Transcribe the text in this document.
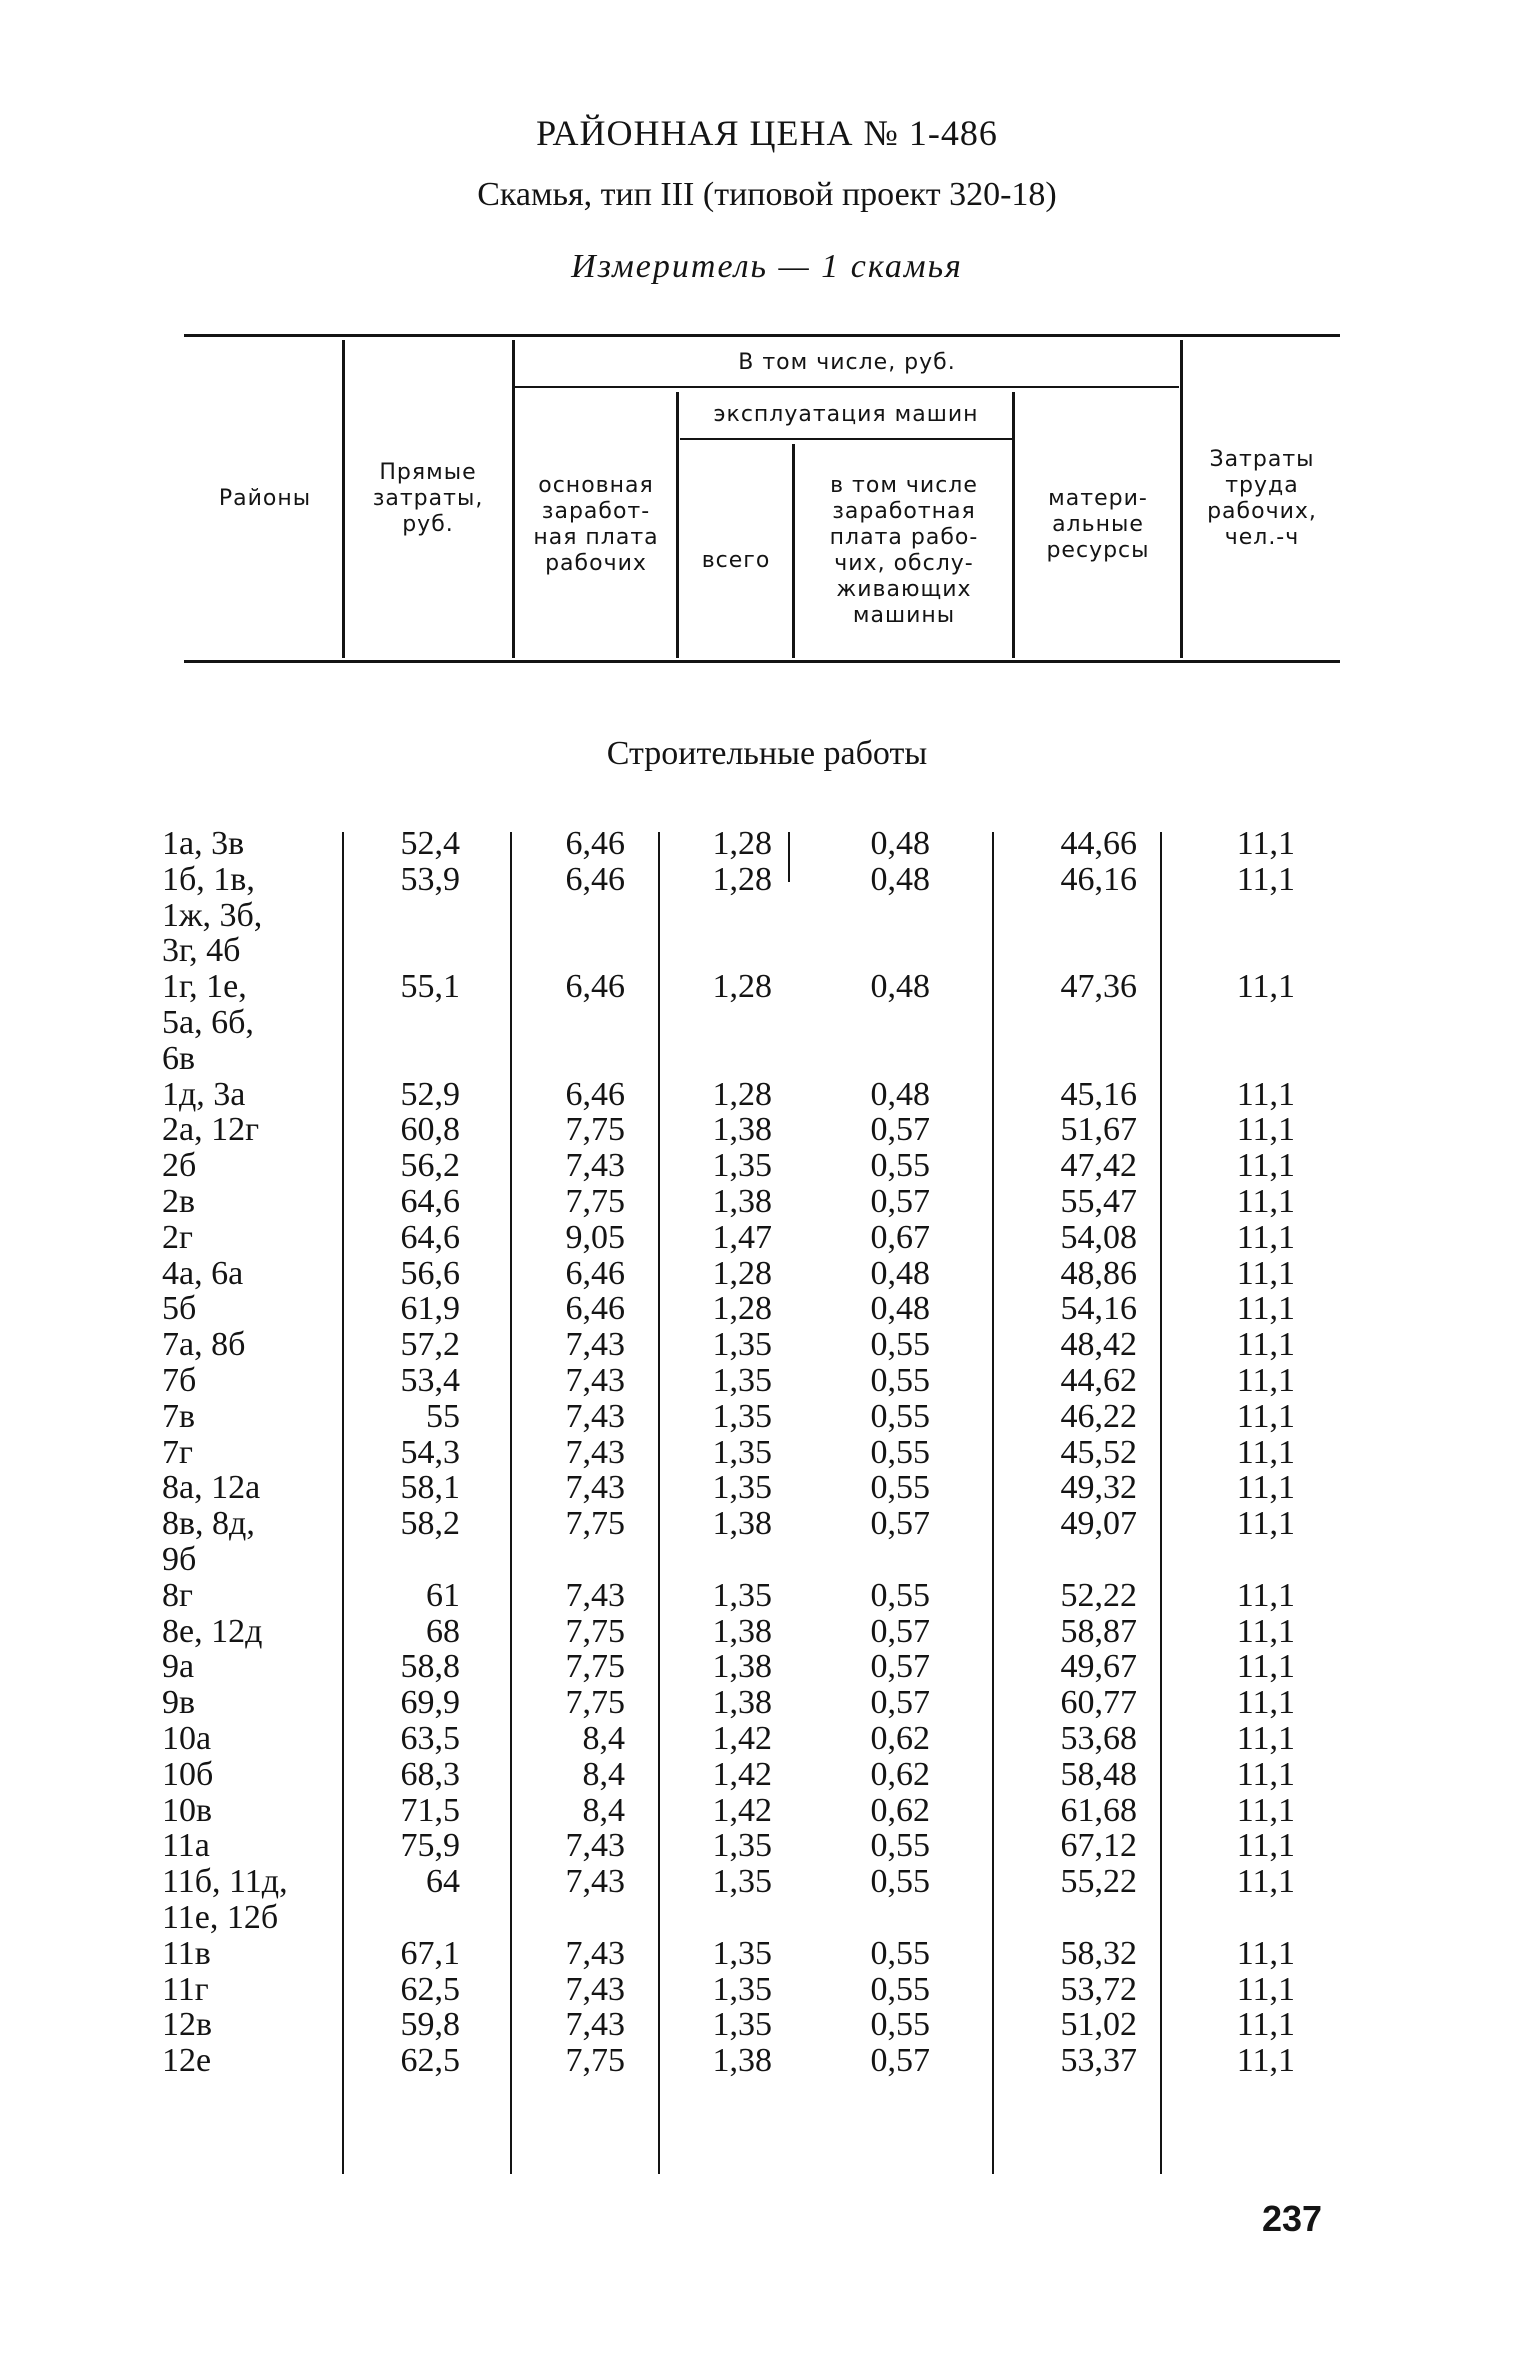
РАЙОННАЯ ЦЕНА № 1-486
Скамья, тип III (типовой проект 320-18)
Измеритель — 1 скамья
Районы
Прямые
затраты,
руб.
В том числе, руб.
основная
заработ-
ная плата
рабочих
эксплуатация машин
всего
в том числе
заработная
плата рабо-
чих, обслу-
живающих
машины
матери-
альные
ресурсы
Затраты
труда
рабочих,
чел.-ч
Строительные работы
1а, 3в	52,4	6,46	1,28	0,48	44,66	11,1
1б, 1в,	53,9	6,46	1,28	0,48	46,16	11,1
1ж, 3б,
3г, 4б
1г, 1е,	55,1	6,46	1,28	0,48	47,36	11,1
5а, 6б,
6в
1д, 3а	52,9	6,46	1,28	0,48	45,16	11,1
2а, 12г	60,8	7,75	1,38	0,57	51,67	11,1
2б	56,2	7,43	1,35	0,55	47,42	11,1
2в	64,6	7,75	1,38	0,57	55,47	11,1
2г	64,6	9,05	1,47	0,67	54,08	11,1
4а, 6а	56,6	6,46	1,28	0,48	48,86	11,1
5б	61,9	6,46	1,28	0,48	54,16	11,1
7а, 8б	57,2	7,43	1,35	0,55	48,42	11,1
7б	53,4	7,43	1,35	0,55	44,62	11,1
7в	55	7,43	1,35	0,55	46,22	11,1
7г	54,3	7,43	1,35	0,55	45,52	11,1
8а, 12а	58,1	7,43	1,35	0,55	49,32	11,1
8в, 8д,	58,2	7,75	1,38	0,57	49,07	11,1
9б
8г	61	7,43	1,35	0,55	52,22	11,1
8е, 12д	68	7,75	1,38	0,57	58,87	11,1
9а	58,8	7,75	1,38	0,57	49,67	11,1
9в	69,9	7,75	1,38	0,57	60,77	11,1
10а	63,5	8,4	1,42	0,62	53,68	11,1
10б	68,3	8,4	1,42	0,62	58,48	11,1
10в	71,5	8,4	1,42	0,62	61,68	11,1
11а	75,9	7,43	1,35	0,55	67,12	11,1
11б, 11д,	64	7,43	1,35	0,55	55,22	11,1
11е, 12б
11в	67,1	7,43	1,35	0,55	58,32	11,1
11г	62,5	7,43	1,35	0,55	53,72	11,1
12в	59,8	7,43	1,35	0,55	51,02	11,1
12е	62,5	7,75	1,38	0,57	53,37	11,1
237
